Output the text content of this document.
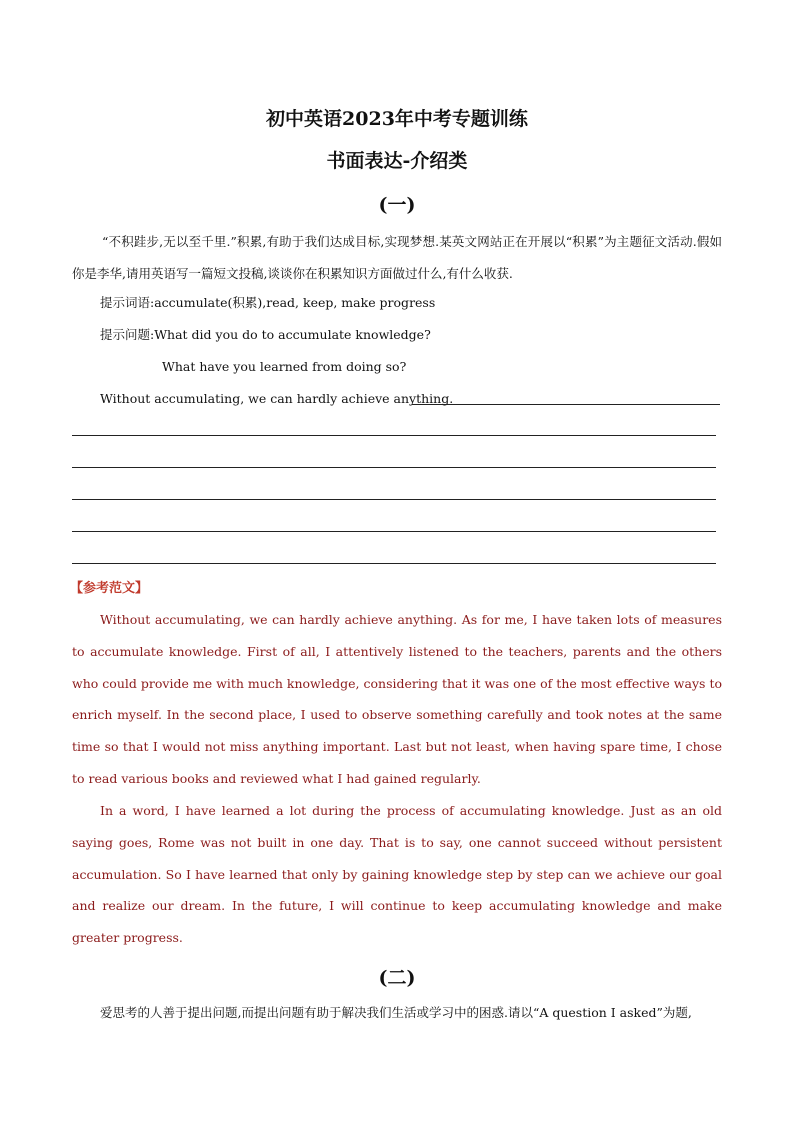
初中英语2023年中考专题训练
书面表达-介绍类
(一)

“不积跬步,无以至千里.”积累,有助于我们达成目标,实现梦想.某英文网站正在开展以“积累”为主题征文活动.假如你是李华,请用英语写一篇短文投稿,谈谈你在积累知识方面做过什么,有什么收获.

提示词语:accumulate(积累),read, keep, make progress

提示问题:What did you do to accumulate knowledge?

What have you learned from doing so?

Without accumulating, we can hardly achieve anything.

【参考范文】

Without accumulating, we can hardly achieve anything. As for me, I have taken lots of measures to accumulate knowledge. First of all, I attentively listened to the teachers, parents and the others who could provide me with much knowledge, considering that it was one of the most effective ways to enrich myself. In the second place, I used to observe something carefully and took notes at the same time so that I would not miss anything important. Last but not least, when having spare time, I chose to read various books and reviewed what I had gained regularly.

In a word, I have learned a lot during the process of accumulating knowledge. Just as an old saying goes, Rome was not built in one day. That is to say, one cannot succeed without persistent accumulation. So I have learned that only by gaining knowledge step by step can we achieve our goal and realize our dream. In the future, I will continue to keep accumulating knowledge and make greater progress.

(二)

爱思考的人善于提出问题,而提出问题有助于解决我们生活或学习中的困惑.请以“A question I asked”为题,
